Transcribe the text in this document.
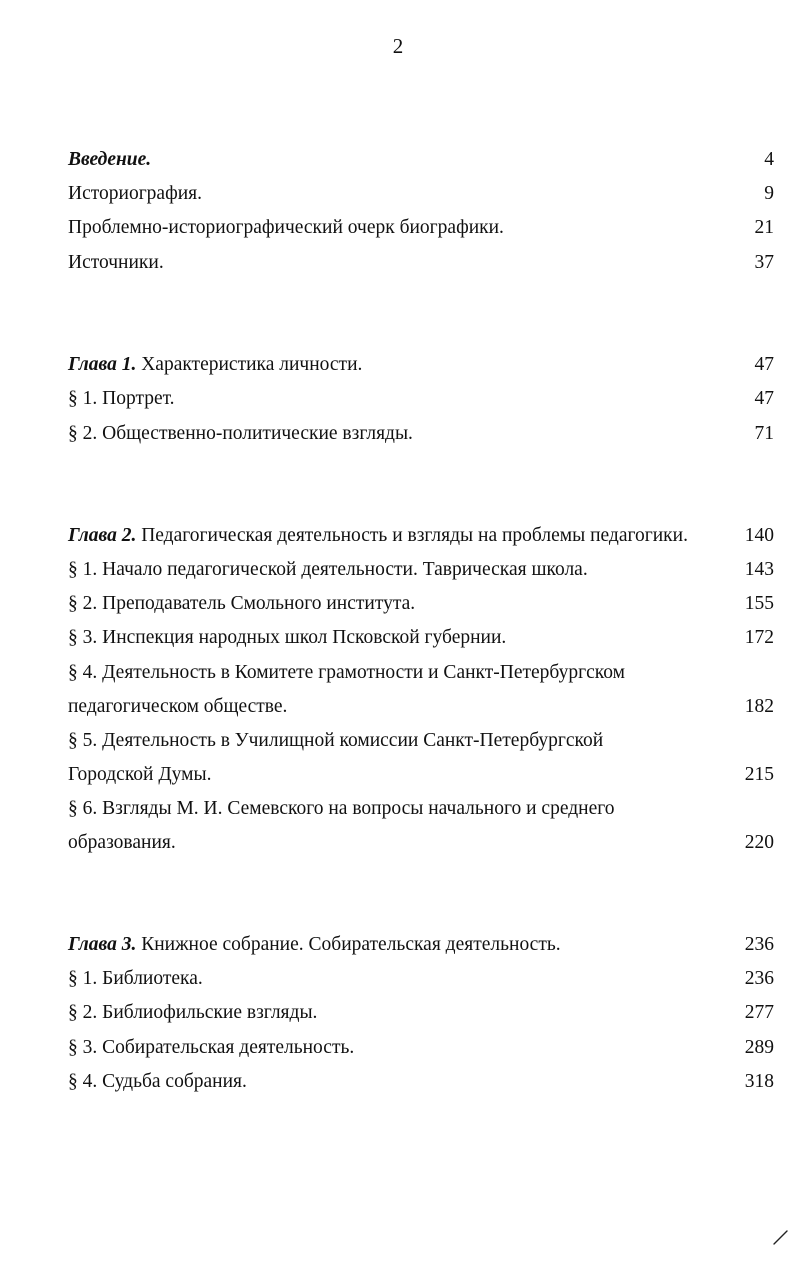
2
Введение.	4
Историография.	9
Проблемно-историографический очерк биографики.	21
Источники.	37
Глава 1. Характеристика личности.	47
§ 1. Портрет.	47
§ 2. Общественно-политические взгляды.	71
Глава 2. Педагогическая деятельность и взгляды на проблемы педагогики.	140
§ 1. Начало педагогической деятельности. Таврическая школа.	143
§ 2. Преподаватель Смольного института.	155
§ 3. Инспекция народных школ Псковской губернии.	172
§ 4. Деятельность в Комитете грамотности и Санкт-Петербургском
педагогическом обществе.	182
§ 5. Деятельность в Училищной комиссии Санкт-Петербургской
Городской Думы.	215
§ 6. Взгляды М. И. Семевского на вопросы начального и среднего
образования.	220
Глава 3. Книжное собрание. Собирательская деятельность.	236
§ 1. Библиотека.	236
§ 2. Библиофильские взгляды.	277
§ 3. Собирательская деятельность.	289
§ 4. Судьба собрания.	318
